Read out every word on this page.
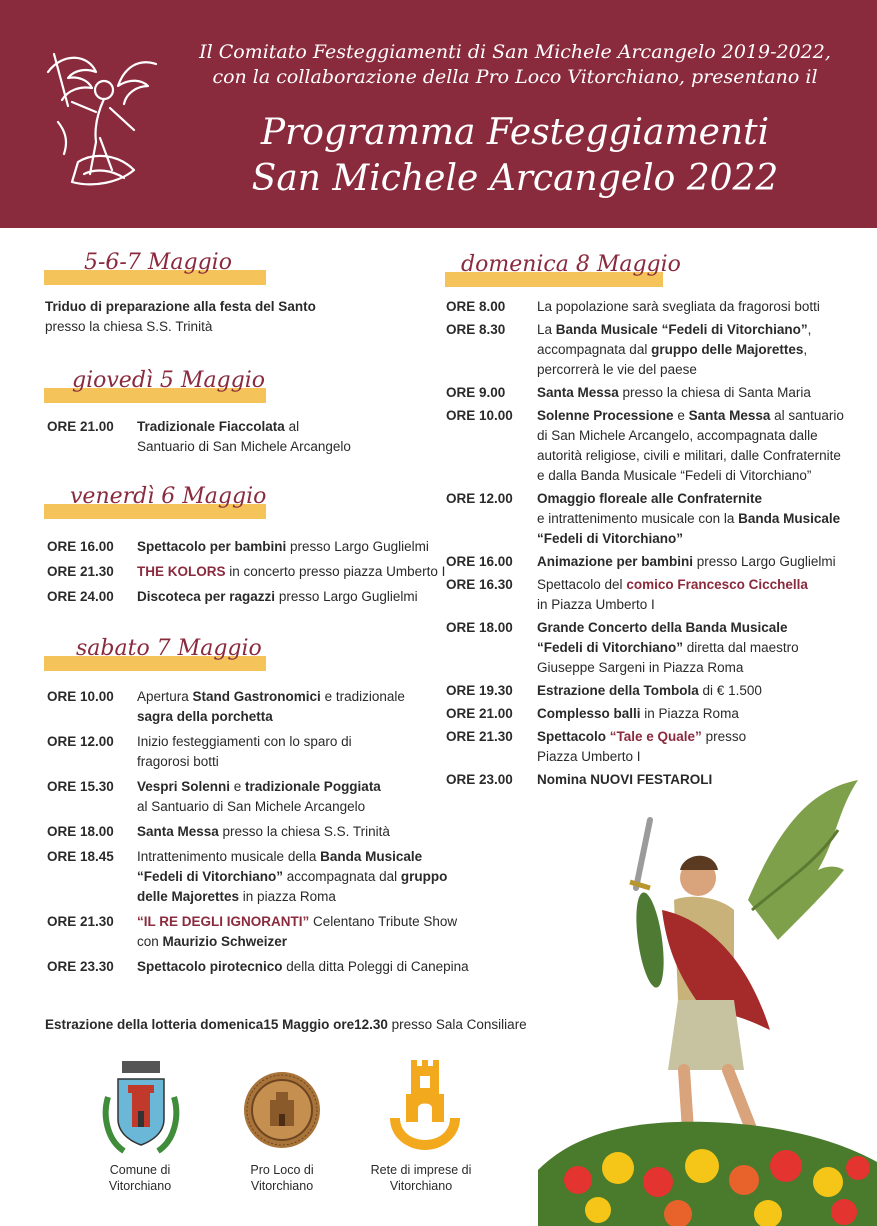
Il Comitato Festeggiamenti di San Michele Arcangelo 2019-2022,
con la collaborazione della Pro Loco Vitorchiano, presentano il
Programma Festeggiamenti
San Michele Arcangelo 2022
5-6-7 Maggio
Triduo di preparazione alla festa del Santo
presso la chiesa S.S. Trinità
giovedì 5 Maggio
ORE 21.00 Tradizionale Fiaccolata al
Santuario di San Michele Arcangelo
venerdì 6 Maggio
ORE 16.00 Spettacolo per bambini presso Largo Guglielmi
ORE 21.30 THE KOLORS in concerto presso piazza Umberto I
ORE 24.00 Discoteca per ragazzi presso Largo Guglielmi
sabato 7 Maggio
ORE 10.00 Apertura Stand Gastronomici e tradizionale
sagra della porchetta
ORE 12.00 Inizio festeggiamenti con lo sparo di
fragorosi botti
ORE 15.30 Vespri Solenni e tradizionale Poggiata
al Santuario di San Michele Arcangelo
ORE 18.00 Santa Messa presso la chiesa S.S. Trinità
ORE 18.45 Intrattenimento musicale della Banda Musicale
“Fedeli di Vitorchiano” accompagnata dal gruppo
delle Majorettes in piazza Roma
ORE 21.30 “IL RE DEGLI IGNORANTI” Celentano Tribute Show
con Maurizio Schweizer
ORE 23.30 Spettacolo pirotecnico della ditta Poleggi di Canepina
Estrazione della lotteria domenica15 Maggio ore12.30 presso Sala Consiliare
domenica 8 Maggio
ORE 8.00 La popolazione sarà svegliata da fragorosi botti
ORE 8.30 La Banda Musicale “Fedeli di Vitorchiano”,
accompagnata dal gruppo delle Majorettes,
percorrerà le vie del paese
ORE 9.00 Santa Messa presso la chiesa di Santa Maria
ORE 10.00 Solenne Processione e Santa Messa al santuario
di San Michele Arcangelo, accompagnata dalle
autorità religiose, civili e militari, dalle Confraternite
e dalla Banda Musicale “Fedeli di Vitorchiano”
ORE 12.00 Omaggio floreale alle Confraternite
e intrattenimento musicale con la Banda Musicale
“Fedeli di Vitorchiano”
ORE 16.00 Animazione per bambini presso Largo Guglielmi
ORE 16.30 Spettacolo del comico Francesco Cicchella
in Piazza Umberto I
ORE 18.00 Grande Concerto della Banda Musicale
“Fedeli di Vitorchiano” diretta dal maestro
Giuseppe Sargeni in Piazza Roma
ORE 19.30 Estrazione della Tombola di € 1.500
ORE 21.00 Complesso balli in Piazza Roma
ORE 21.30 Spettacolo “Tale e Quale” presso
Piazza Umberto I
ORE 23.00 Nomina NUOVI FESTAROLI
AiR
Comune di
Vitorchiano
Pro Loco di
Vitorchiano
Rete di imprese di
Vitorchiano
